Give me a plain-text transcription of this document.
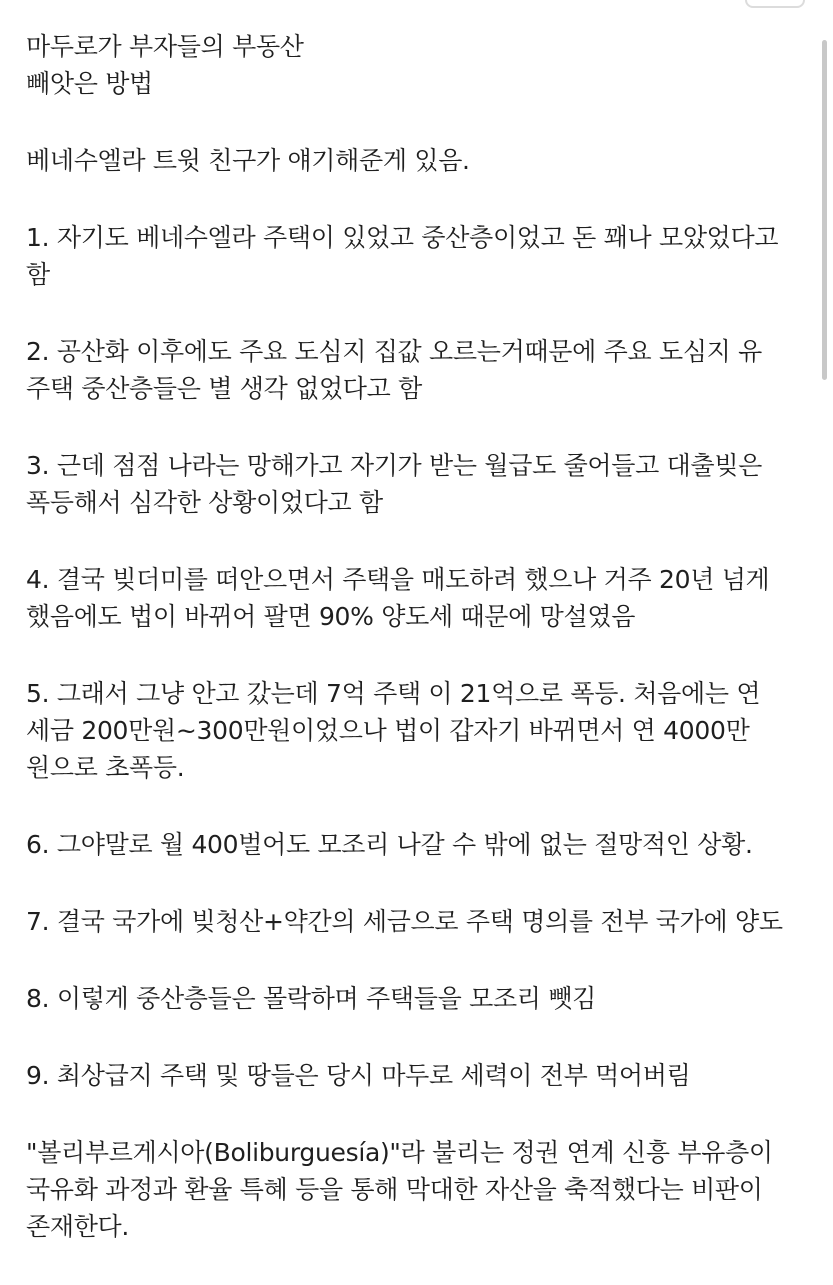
마두로가 부자들의 부동산
빼앗은 방법
베네수엘라 트윗 친구가 얘기해준게 있음.
1. 자기도 베네수엘라 주택이 있었고 중산층이었고 돈 꽤나 모았었다고
함
2. 공산화 이후에도 주요 도심지 집값 오르는거때문에 주요 도심지 유
주택 중산층들은 별 생각 없었다고 함
3. 근데 점점 나라는 망해가고 자기가 받는 월급도 줄어들고 대출빚은
폭등해서 심각한 상황이었다고 함
4. 결국 빚더미를 떠안으면서 주택을 매도하려 했으나 거주 20년 넘게
했음에도 법이 바뀌어 팔면 90% 양도세 때문에 망설였음
5. 그래서 그냥 안고 갔는데 7억 주택 이 21억으로 폭등. 처음에는 연
세금 200만원~300만원이었으나 법이 갑자기 바뀌면서 연 4000만
원으로 초폭등.
6. 그야말로 월 400벌어도 모조리 나갈 수 밖에 없는 절망적인 상황.
7. 결국 국가에 빚청산+약간의 세금으로 주택 명의를 전부 국가에 양도
8. 이렇게 중산층들은 몰락하며 주택들을 모조리 뺏김
9. 최상급지 주택 및 땅들은 당시 마두로 세력이 전부 먹어버림
"볼리부르게시아(Boliburguesía)"라 불리는 정권 연계 신흥 부유층이
국유화 과정과 환율 특혜 등을 통해 막대한 자산을 축적했다는 비판이
존재한다.
